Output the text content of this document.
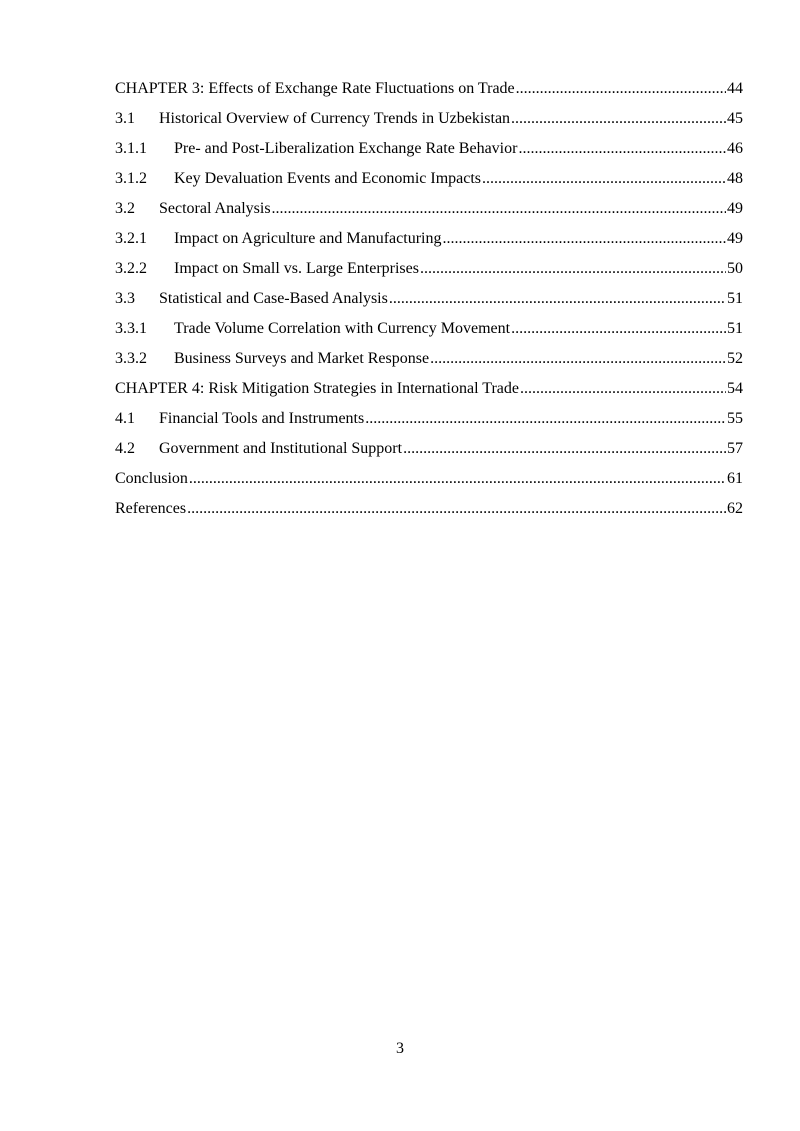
CHAPTER 3: Effects of Exchange Rate Fluctuations on Trade .....	44
3.1	Historical Overview of Currency Trends in Uzbekistan .....	45
3.1.1	Pre- and Post-Liberalization Exchange Rate Behavior .....	46
3.1.2	Key Devaluation Events and Economic Impacts .....	48
3.2	Sectoral Analysis .....	49
3.2.1	Impact on Agriculture and Manufacturing .....	49
3.2.2	Impact on Small vs. Large Enterprises .....	50
3.3	Statistical and Case-Based Analysis .....	51
3.3.1	Trade Volume Correlation with Currency Movement .....	51
3.3.2	Business Surveys and Market Response .....	52
CHAPTER 4: Risk Mitigation Strategies in International Trade .....	54
4.1	Financial Tools and Instruments .....	55
4.2	Government and Institutional Support .....	57
Conclusion .....	61
References .....	62
3
